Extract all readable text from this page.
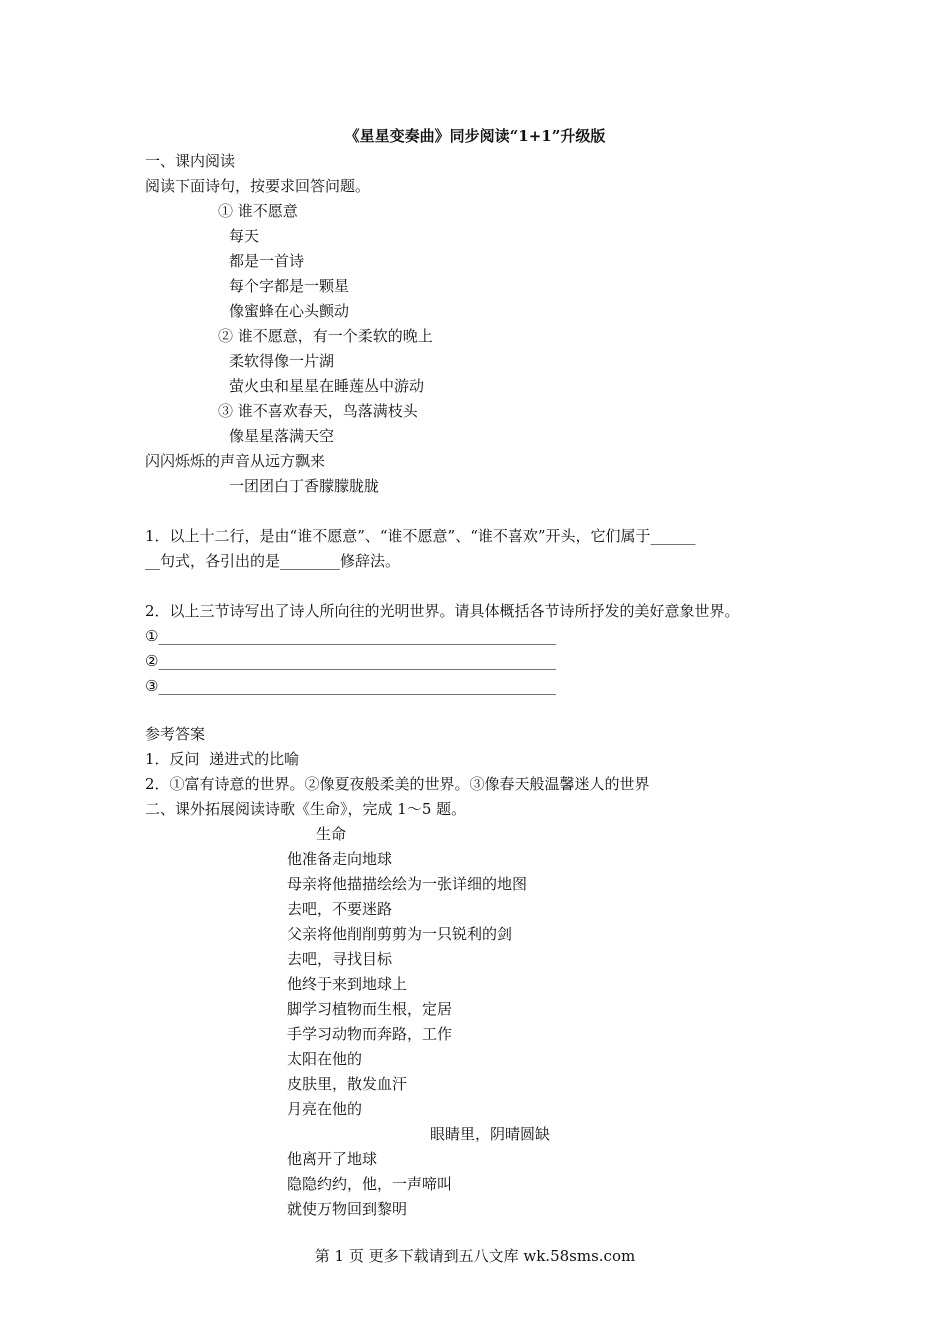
《星星变奏曲》同步阅读“1+1”升级版
一、课内阅读
阅读下面诗句，按要求回答问题。
① 谁不愿意
每天
都是一首诗
每个字都是一颗星
像蜜蜂在心头颤动
② 谁不愿意，有一个柔软的晚上
柔软得像一片湖
萤火虫和星星在睡莲丛中游动
③ 谁不喜欢春天，鸟落满枝头
像星星落满天空
闪闪烁烁的声音从远方飘来
一团团白丁香朦朦胧胧
1．以上十二行，是由“谁不愿意”、“谁不愿意”、“谁不喜欢”开头，它们属于______
__句式，各引出的是________修辞法。
2．以上三节诗写出了诗人所向往的光明世界。请具体概括各节诗所抒发的美好意象世界。
①_____________________________________________________
②_____________________________________________________
③_____________________________________________________
参考答案
1．反问  递进式的比喻
2．①富有诗意的世界。②像夏夜般柔美的世界。③像春天般温馨迷人的世界
二、课外拓展阅读诗歌《生命》，完成 1～5 题。
生命
他准备走向地球
母亲将他描描绘绘为一张详细的地图
去吧，不要迷路
父亲将他削削剪剪为一只锐利的剑
去吧，寻找目标
他终于来到地球上
脚学习植物而生根，定居
手学习动物而奔路，工作
太阳在他的
皮肤里，散发血汗
月亮在他的
眼睛里，阴晴圆缺
他离开了地球
隐隐约约，他，一声啼叫
就使万物回到黎明
第 1 页 更多下载请到五八文库 wk.58sms.com
